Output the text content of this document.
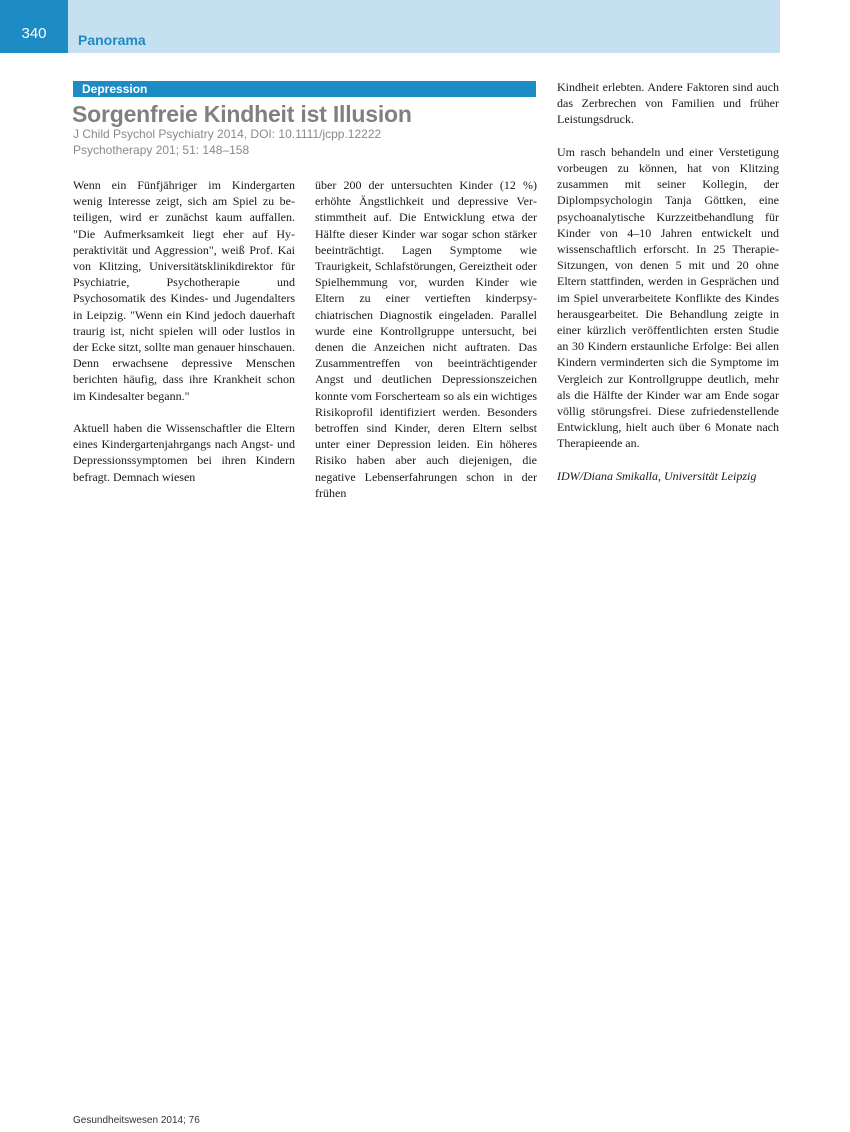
340	Panorama
Depression
Sorgenfreie Kindheit ist Illusion
J Child Psychol Psychiatry 2014, DOI: 10.1111/jcpp.12222
Psychotherapy 201; 51: 148–158

Wenn ein Fünfjähriger im Kindergarten wenig Interesse zeigt, sich am Spiel zu beteiligen, wird er zunächst kaum auffallen. "Die Aufmerksamkeit liegt eher auf Hyperaktivität und Aggression", weiß Prof. Kai von Klitzing, Universitätsklinikdirektor für Psychiatrie, Psychotherapie und Psychosomatik des Kindes- und Jugendalters in Leipzig. "Wenn ein Kind jedoch dauerhaft traurig ist, nicht spielen will oder lustlos in der Ecke sitzt, sollte man genauer hinschauen. Denn erwachsene depressive Menschen berichten häufig, dass ihre Krankheit schon im Kindesalter begann."

Aktuell haben die Wissenschaftler die Eltern eines Kindergartenjahrgangs nach Angst- und Depressionssymptomen bei ihren Kindern befragt. Demnach wiesen

über 200 der untersuchten Kinder (12 %) erhöhte Ängstlichkeit und depressive Verstimmtheit auf. Die Entwicklung etwa der Hälfte dieser Kinder war sogar schon stärker beeinträchtigt. Lagen Symptome wie Traurigkeit, Schlafstörungen, Gereiztheit oder Spielhemmung vor, wurden Kinder wie Eltern zu einer vertieften kinderpsychiatrischen Diagnostik eingeladen. Parallel wurde eine Kontrollgruppe untersucht, bei denen die Anzeichen nicht auftraten. Das Zusammentreffen von beeinträchtigender Angst und deutlichen Depressionszeichen konnte vom Forscherteam so als ein wichtiges Risikoprofil identifiziert werden. Besonders betroffen sind Kinder, deren Eltern selbst unter einer Depression leiden. Ein höheres Risiko haben aber auch diejenigen, die negative Lebenserfahrungen schon in der frühen

Kindheit erlebten. Andere Faktoren sind auch das Zerbrechen von Familien und früher Leistungsdruck.

Um rasch behandeln und einer Verstetigung vorbeugen zu können, hat von Klitzing zusammen mit seiner Kollegin, der Diplompsychologin Tanja Göttken, eine psychoanalytische Kurzzeitbehandlung für Kinder von 4–10 Jahren entwickelt und wissenschaftlich erforscht. In 25 Therapie-Sitzungen, von denen 5 mit und 20 ohne Eltern stattfinden, werden in Gesprächen und im Spiel unverarbeitete Konflikte des Kindes herausgearbeitet. Die Behandlung zeigte in einer kürzlich veröffentlichten ersten Studie an 30 Kindern erstaunliche Erfolge: Bei allen Kindern verminderten sich die Symptome im Vergleich zur Kontrollgruppe deutlich, mehr als die Hälfte der Kinder war am Ende sogar völlig störungsfrei. Diese zufriedenstellende Entwicklung, hielt auch über 6 Monate nach Therapieende an.

IDW/Diana Smikalla, Universität Leipzig

Gesundheitswesen 2014; 76
